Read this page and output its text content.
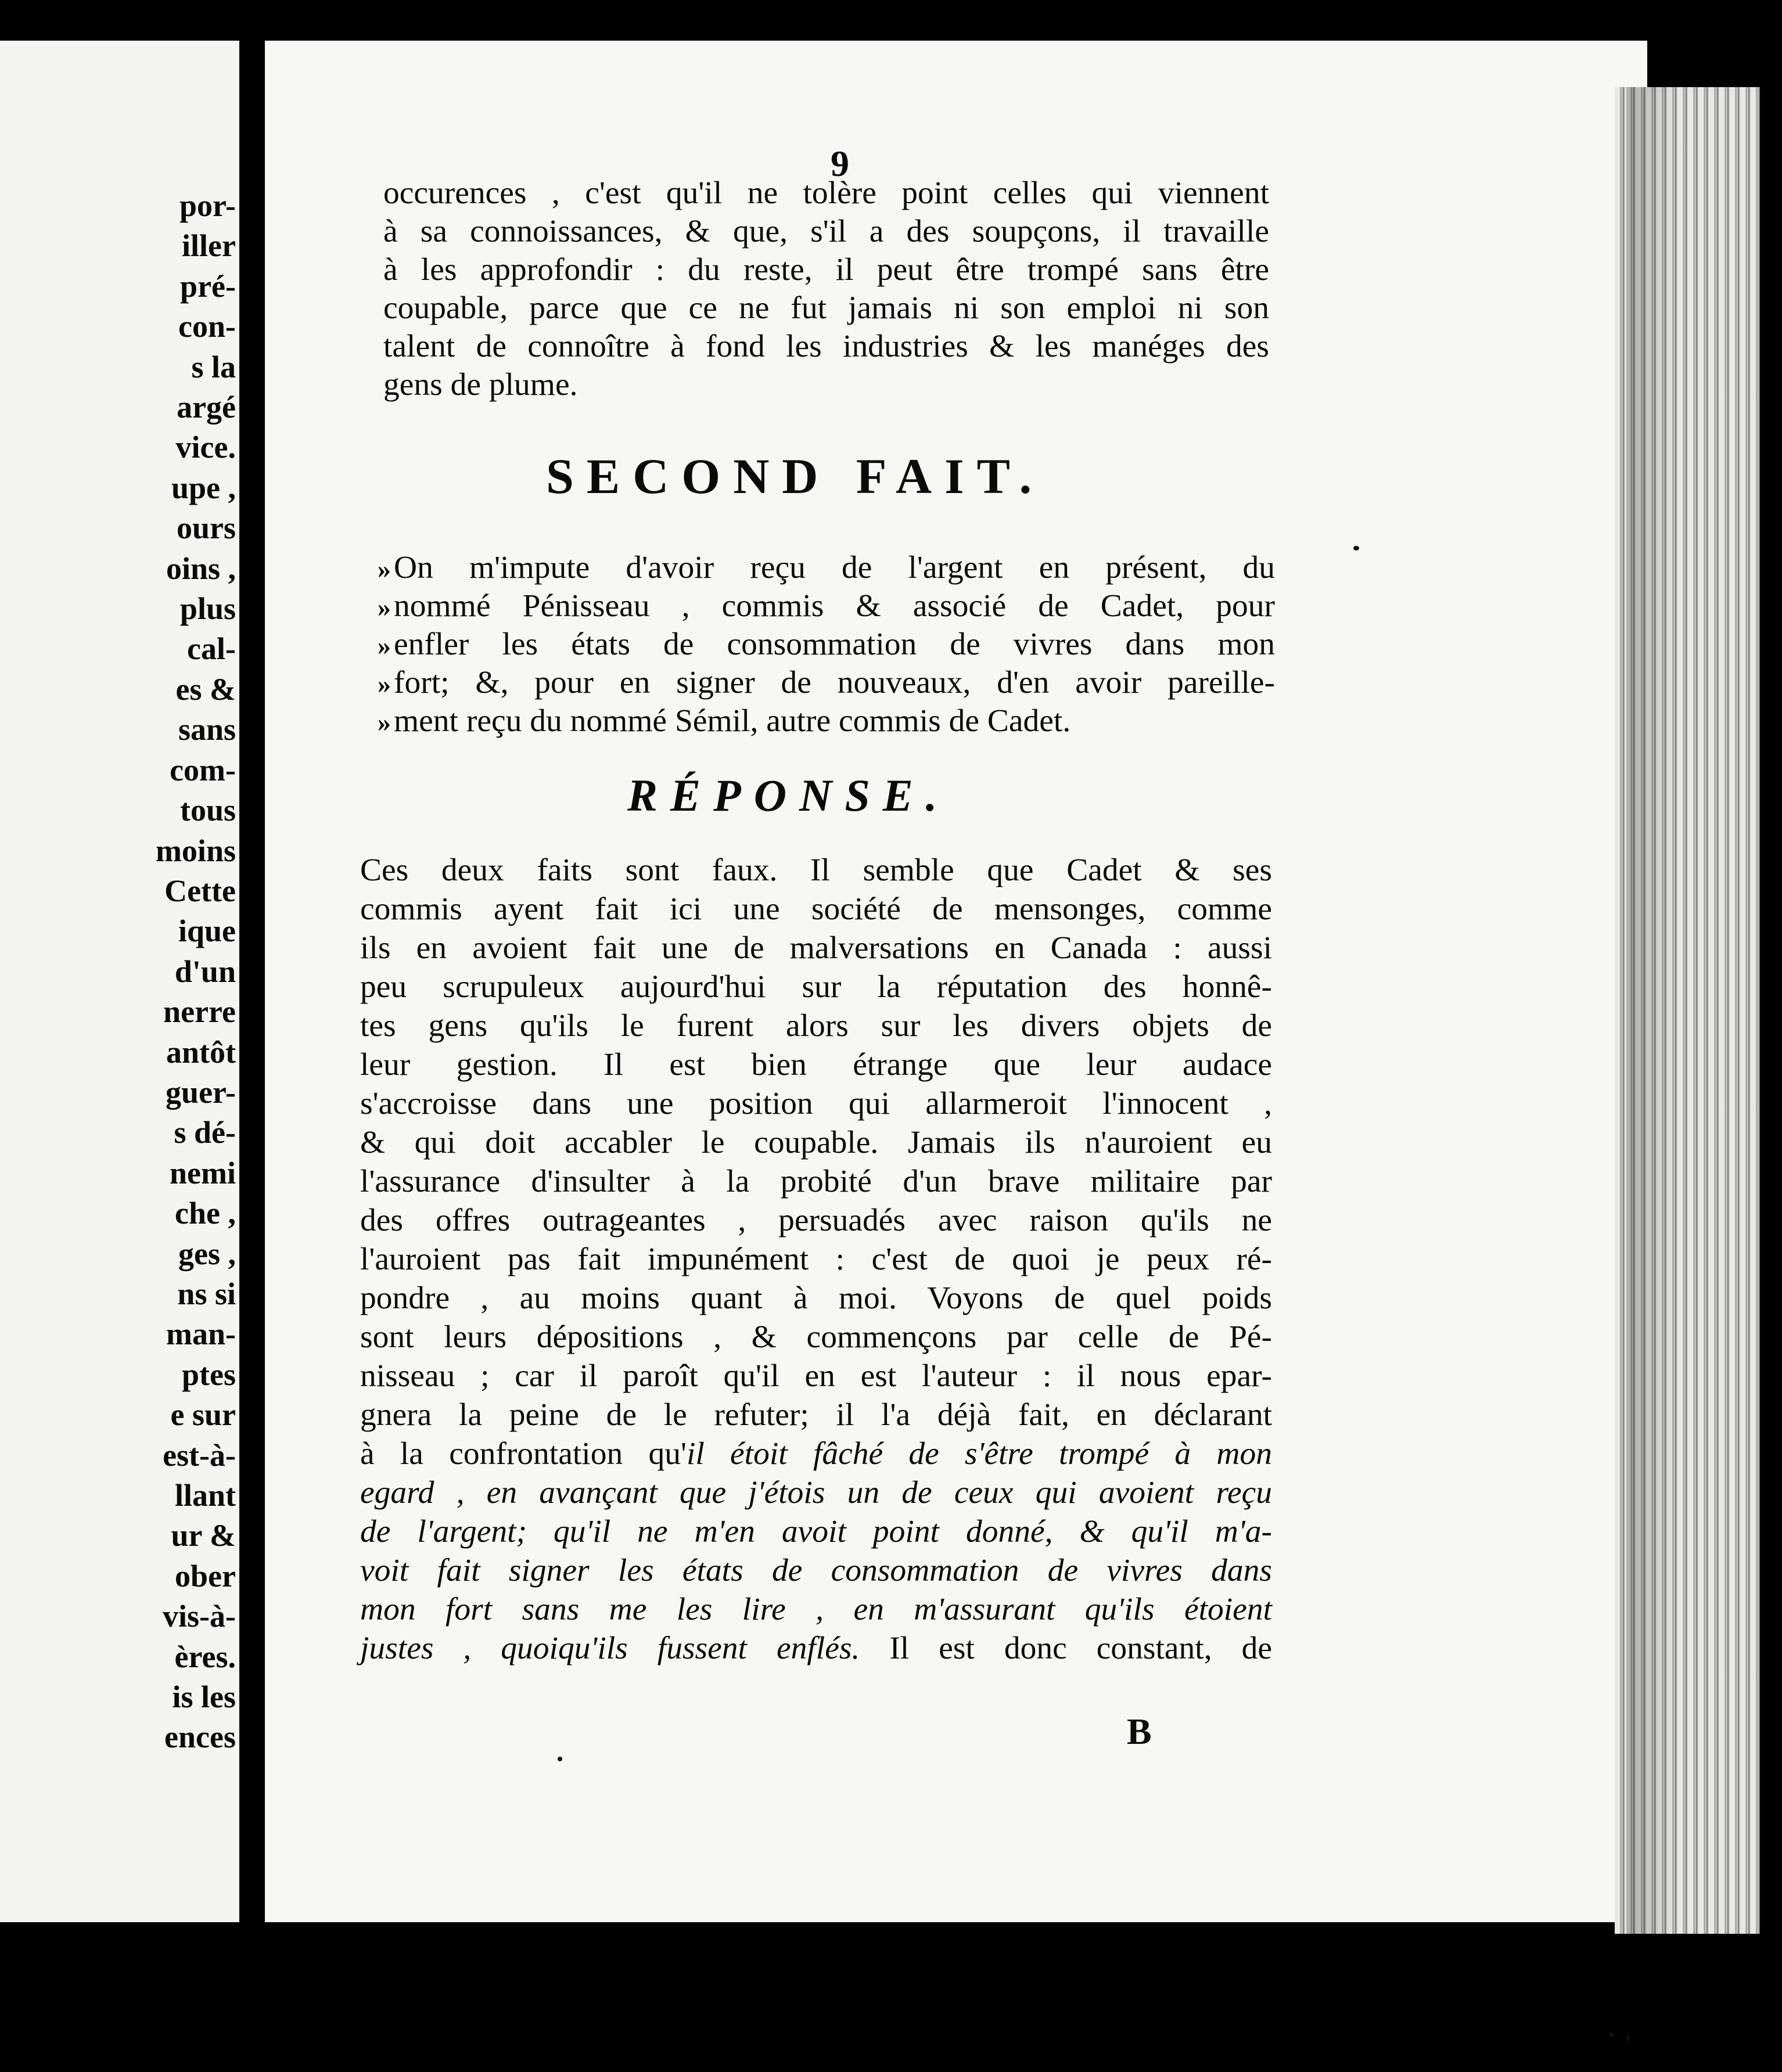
por-
iller
pré-
con-
s la
argé
vice.
upe ,
ours
oins ,
plus
cal-
es &
sans
com-
tous
moins
Cette
ique
d'un
nerre
antôt
guer-
s dé-
nemi
che ,
ges ,
ns si
man-
ptes
e sur
est-à-
llant
ur &
ober
vis-à-
ères.
is les
ences
9
occurences , c'est qu'il ne tolère point celles qui viennent
à sa connoissances, & que, s'il a des soupçons, il travaille
à les approfondir : du reste, il peut être trompé sans être
coupable, parce que ce ne fut jamais ni son emploi ni son
talent de connoître à fond les industries & les manéges des
gens de plume.
SECOND FAIT.
»On m'impute d'avoir reçu de l'argent en présent, du
»nommé Pénisseau , commis & associé de Cadet, pour
»enfler les états de consommation de vivres dans mon
»fort; &, pour en signer de nouveaux, d'en avoir pareille-
»ment reçu du nommé Sémil, autre commis de Cadet.
RÉPONSE.
Ces deux faits sont faux. Il semble que Cadet & ses
commis ayent fait ici une société de mensonges, comme
ils en avoient fait une de malversations en Canada : aussi
peu scrupuleux aujourd'hui sur la réputation des honnê-
tes gens qu'ils le furent alors sur les divers objets de
leur gestion. Il est bien étrange que leur audace
s'accroisse dans une position qui allarmeroit l'innocent ,
& qui doit accabler le coupable. Jamais ils n'auroient eu
l'assurance d'insulter à la probité d'un brave militaire par
des offres outrageantes , persuadés avec raison qu'ils ne
l'auroient pas fait impunément : c'est de quoi je peux ré-
pondre , au moins quant à moi. Voyons de quel poids
sont leurs dépositions , & commençons par celle de Pé-
nisseau ; car il paroît qu'il en est l'auteur : il nous epar-
gnera la peine de le refuter; il l'a déjà fait, en déclarant
à la confrontation qu'il étoit fâché de s'être trompé à mon
egard , en avançant que j'étois un de ceux qui avoient reçu
de l'argent; qu'il ne m'en avoit point donné, & qu'il m'a-
voit fait signer les états de consommation de vivres dans
mon fort sans me les lire , en m'assurant qu'ils étoient
justes , quoiqu'ils fussent enflés. Il est donc constant, de
B
